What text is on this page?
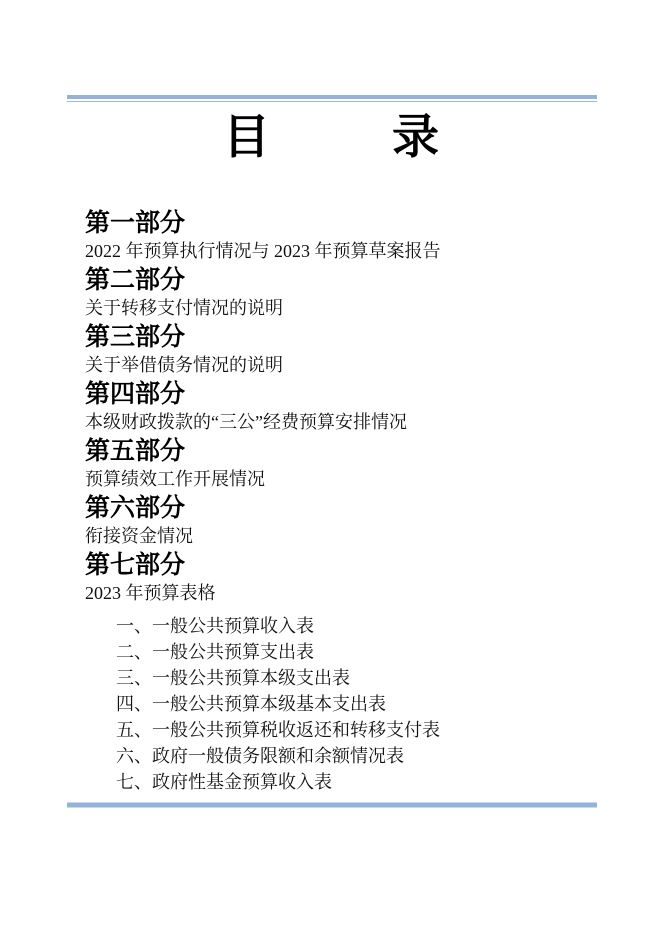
目	录
第一部分
2022 年预算执行情况与 2023 年预算草案报告
第二部分
关于转移支付情况的说明
第三部分
关于举借债务情况的说明
第四部分
本级财政拨款的“三公”经费预算安排情况
第五部分
预算绩效工作开展情况
第六部分
衔接资金情况
第七部分
2023 年预算表格
一、一般公共预算收入表
二、一般公共预算支出表
三、一般公共预算本级支出表
四、一般公共预算本级基本支出表
五、一般公共预算税收返还和转移支付表
六、政府一般债务限额和余额情况表
七、政府性基金预算收入表
